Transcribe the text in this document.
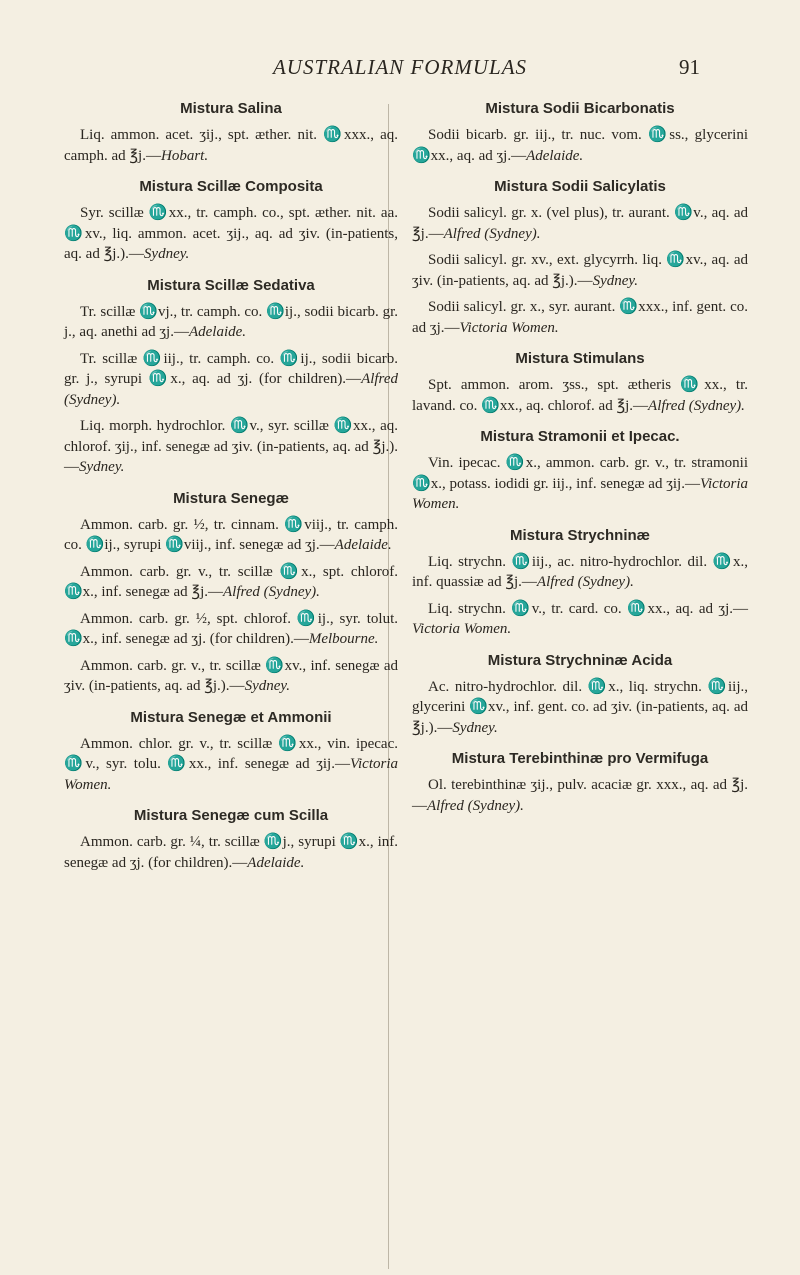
AUSTRALIAN FORMULAS	91
Mistura Salina
Liq. ammon. acet. ʒij., spt. æther. nit. ♏xxx., aq. camph. ad ℥j.—Hobart.
Mistura Scillæ Composita
Syr. scillæ ♏xx., tr. camph. co., spt. æther. nit. aa. ♏xv., liq. ammon. acet. ʒij., aq. ad ʒiv. (in-patients, aq. ad ℥j.).—Sydney.
Mistura Scillæ Sedativa
Tr. scillæ ♏vj., tr. camph. co. ♏ij., sodii bicarb. gr. j., aq. anethi ad ʒj.—Adelaide.
Tr. scillæ ♏iij., tr. camph. co. ♏ij., sodii bicarb. gr. j., syrupi ♏x., aq. ad ʒj. (for children).—Alfred (Sydney).
Liq. morph. hydrochlor. ♏v., syr. scillæ ♏xx., aq. chlorof. ʒij., inf. senegæ ad ʒiv. (in-patients, aq. ad ℥j.).—Sydney.
Mistura Senegæ
Ammon. carb. gr. ½, tr. cinnam. ♏viij., tr. camph. co. ♏ij., syrupi ♏viij., inf. senegæ ad ʒj.—Adelaide.
Ammon. carb. gr. v., tr. scillæ ♏x., spt. chlorof. ♏x., inf. senegæ ad ℥j.—Alfred (Sydney).
Ammon. carb. gr. ½, spt. chlorof. ♏ij., syr. tolut. ♏x., inf. senegæ ad ʒj. (for children).—Melbourne.
Ammon. carb. gr. v., tr. scillæ ♏xv., inf. senegæ ad ʒiv. (in-patients, aq. ad ℥j.).—Sydney.
Mistura Senegæ et Ammonii
Ammon. chlor. gr. v., tr. scillæ ♏xx., vin. ipecac. ♏v., syr. tolu. ♏xx., inf. senegæ ad ʒij.—Victoria Women.
Mistura Senegæ cum Scilla
Ammon. carb. gr. ¼, tr. scillæ ♏j., syrupi ♏x., inf. senegæ ad ʒj. (for children).—Adelaide.
Mistura Sodii Bicarbonatis
Sodii bicarb. gr. iij., tr. nuc. vom. ♏ss., glycerini ♏xx., aq. ad ʒj.—Adelaide.
Mistura Sodii Salicylatis
Sodii salicyl. gr. x. (vel plus), tr. aurant. ♏v., aq. ad ℥j.—Alfred (Sydney).
Sodii salicyl. gr. xv., ext. glycyrrh. liq. ♏xv., aq. ad ʒiv. (in-patients, aq. ad ℥j.).—Sydney.
Sodii salicyl. gr. x., syr. aurant. ♏xxx., inf. gent. co. ad ʒj.—Victoria Women.
Mistura Stimulans
Spt. ammon. arom. ʒss., spt. ætheris ♏xx., tr. lavand. co. ♏xx., aq. chlorof. ad ℥j.—Alfred (Sydney).
Mistura Stramonii et Ipecac.
Vin. ipecac. ♏x., ammon. carb. gr. v., tr. stramonii ♏x., potass. iodidi gr. iij., inf. senegæ ad ʒij.—Victoria Women.
Mistura Strychninæ
Liq. strychn. ♏iij., ac. nitro-hydrochlor. dil. ♏x., inf. quassiæ ad ℥j.—Alfred (Sydney).
Liq. strychn. ♏v., tr. card. co. ♏xx., aq. ad ʒj.—Victoria Women.
Mistura Strychninæ Acida
Ac. nitro-hydrochlor. dil. ♏x., liq. strychn. ♏iij., glycerini ♏xv., inf. gent. co. ad ʒiv. (in-patients, aq. ad ℥j.).—Sydney.
Mistura Terebinthinæ pro Vermifuga
Ol. terebinthinæ ʒij., pulv. acaciæ gr. xxx., aq. ad ℥j.—Alfred (Sydney).
